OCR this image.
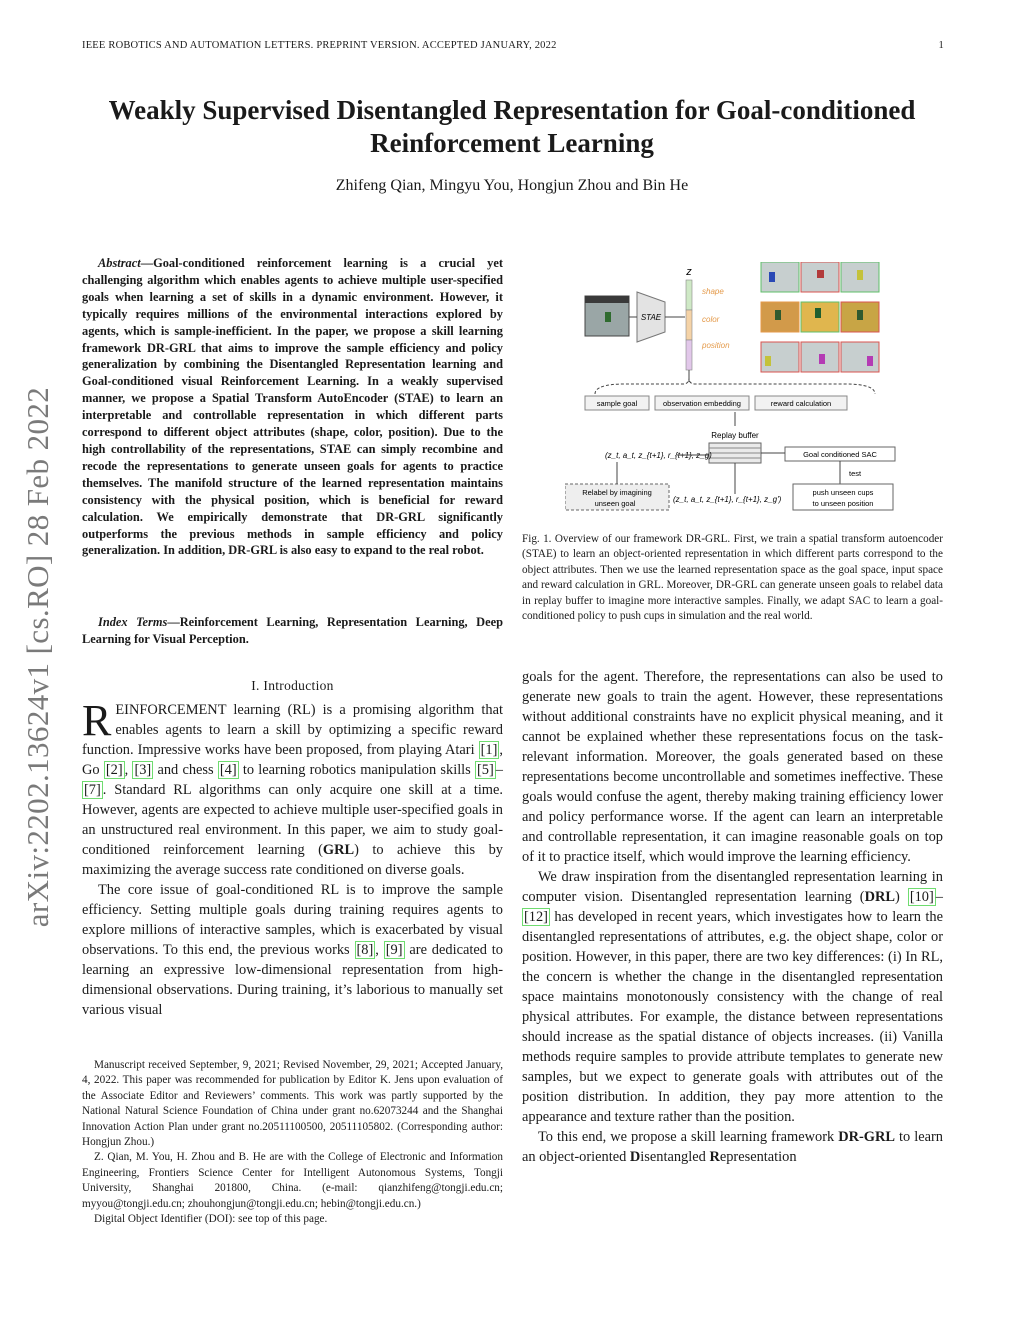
IEEE ROBOTICS AND AUTOMATION LETTERS. PREPRINT VERSION. ACCEPTED JANUARY, 2022	1
Weakly Supervised Disentangled Representation for Goal-conditioned
Reinforcement Learning
Zhifeng Qian, Mingyu You, Hongjun Zhou and Bin He
arXiv:2202.13624v1 [cs.RO] 28 Feb 2022

Abstract—Goal-conditioned reinforcement learning is a crucial yet challenging algorithm which enables agents to achieve multiple user-specified goals when learning a set of skills in a dynamic environment. However, it typically requires millions of the environmental interactions explored by agents, which is sample-inefficient. In the paper, we propose a skill learning framework DR-GRL that aims to improve the sample efficiency and policy generalization by combining the Disentangled Representation learning and Goal-conditioned visual Reinforcement Learning. In a weakly supervised manner, we propose a Spatial Transform AutoEncoder (STAE) to learn an interpretable and controllable representation in which different parts correspond to different object attributes (shape, color, position). Due to the high controllability of the representations, STAE can simply recombine and recode the representations to generate unseen goals for agents to practice themselves. The manifold structure of the learned representation maintains consistency with the physical position, which is beneficial for reward calculation. We empirically demonstrate that DR-GRL significantly outperforms the previous methods in sample efficiency and policy generalization. In addition, DR-GRL is also easy to expand to the real robot.

Index Terms—Reinforcement Learning, Representation Learning, Deep Learning for Visual Perception.

I. Introduction

REINFORCEMENT learning (RL) is a promising algorithm that enables agents to learn a skill by optimizing a specific reward function. Impressive works have been proposed, from playing Atari [1] , Go [2] , [3] and chess [4] to learning robotics manipulation skills [5] –[7] . Standard RL algorithms can only acquire one skill at a time. However, agents are expected to achieve multiple user-specified goals in an unstructured real environment. In this paper, we aim to study goal-conditioned reinforcement learning (GRL) to achieve this by maximizing the average success rate conditioned on diverse goals.

The core issue of goal-conditioned RL is to improve the sample efficiency. Setting multiple goals during training requires agents to explore millions of interactive samples, which is exacerbated by visual observations. To this end, the previous works [8] , [9] are dedicated to learning an expressive low-dimensional representation from high-dimensional observations. During training, it’s laborious to manually set various visual

Manuscript received September, 9, 2021; Revised November, 29, 2021; Accepted January, 4, 2022. This paper was recommended for publication by Editor K. Jens upon evaluation of the Associate Editor and Reviewers’ comments. This work was partly supported by the National Natural Science Foundation of China under grant no.62073244 and the Shanghai Innovation Action Plan under grant no.20511100500, 20511105802. (Corresponding author: Hongjun Zhou.)

Z. Qian, M. You, H. Zhou and B. He are with the College of Electronic and Information Engineering, Frontiers Science Center for Intelligent Autonomous Systems, Tongji University, Shanghai 201800, China. (e-mail: qianzhifeng@tongji.edu.cn; myyou@tongji.edu.cn; zhouhongjun@tongji.edu.cn; hebin@tongji.edu.cn.)

Digital Object Identifier (DOI): see top of this page.

STAE
z
shape
color
position
sample goal	observation embedding	reward calculation
Replay buffer
(z_t, a_t, z_{t+1}, r_{t+1}, z_g)	Goal conditioned SAC
test
Relabel by imagining
unseen goal	(z_t, a_t, z_{t+1}, r_{t+1}, z_g')
push unseen cups
to unseen position
Fig. 1. Overview of our framework DR-GRL. First, we train a spatial transform autoencoder (STAE) to learn an object-oriented representation in which different parts correspond to the object attributes. Then we use the learned representation space as the goal space, input space and reward calculation in GRL. Moreover, DR-GRL can generate unseen goals to relabel data in replay buffer to imagine more interactive samples. Finally, we adapt SAC to learn a goal-conditioned policy to push cups in simulation and the real world.

goals for the agent. Therefore, the representations can also be used to generate new goals to train the agent. However, these representations without additional constraints have no explicit physical meaning, and it cannot be explained whether these representations focus on the task-relevant information. Moreover, the goals generated based on these representations become uncontrollable and sometimes ineffective. These goals would confuse the agent, thereby making training efficiency lower and policy performance worse. If the agent can learn an interpretable and controllable representation, it can imagine reasonable goals on top of it to practice itself, which would improve the learning efficiency.

We draw inspiration from the disentangled representation learning in computer vision. Disentangled representation learning (DRL) [10] –[12] has developed in recent years, which investigates how to learn the disentangled representations of attributes, e.g. the object shape, color or position. However, in this paper, there are two key differences: (i) In RL, the concern is whether the change in the disentangled representation space maintains monotonously consistency with the change of real physical attributes. For example, the distance between representations should increase as the spatial distance of objects increases. (ii) Vanilla methods require samples to provide attribute templates to generate new samples, but we expect to generate goals with attributes out of the position distribution. In addition, they pay more attention to the appearance and texture rather than the position.

To this end, we propose a skill learning framework DR-GRL to learn an object-oriented Disentangled Representation
